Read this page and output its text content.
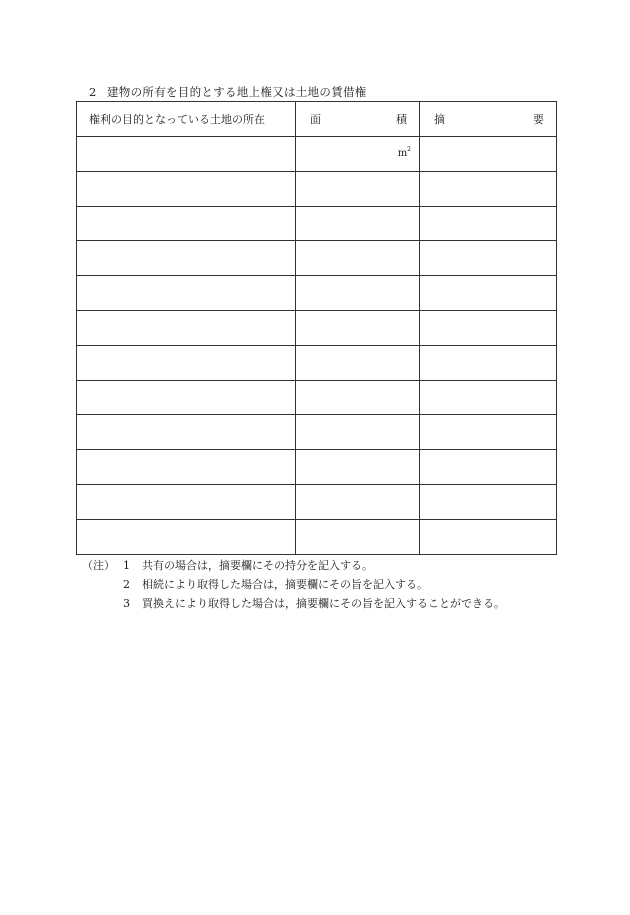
2 建物の所有を目的とする地上権又は土地の賃借権
権利の目的となっている土地の所在	面 積	摘 要

	$m^2$

（注） 1	共有の場合は，摘要欄にその持分を記入する。
2	相続により取得した場合は，摘要欄にその旨を記入する。
3	買換えにより取得した場合は，摘要欄にその旨を記入することができる。
